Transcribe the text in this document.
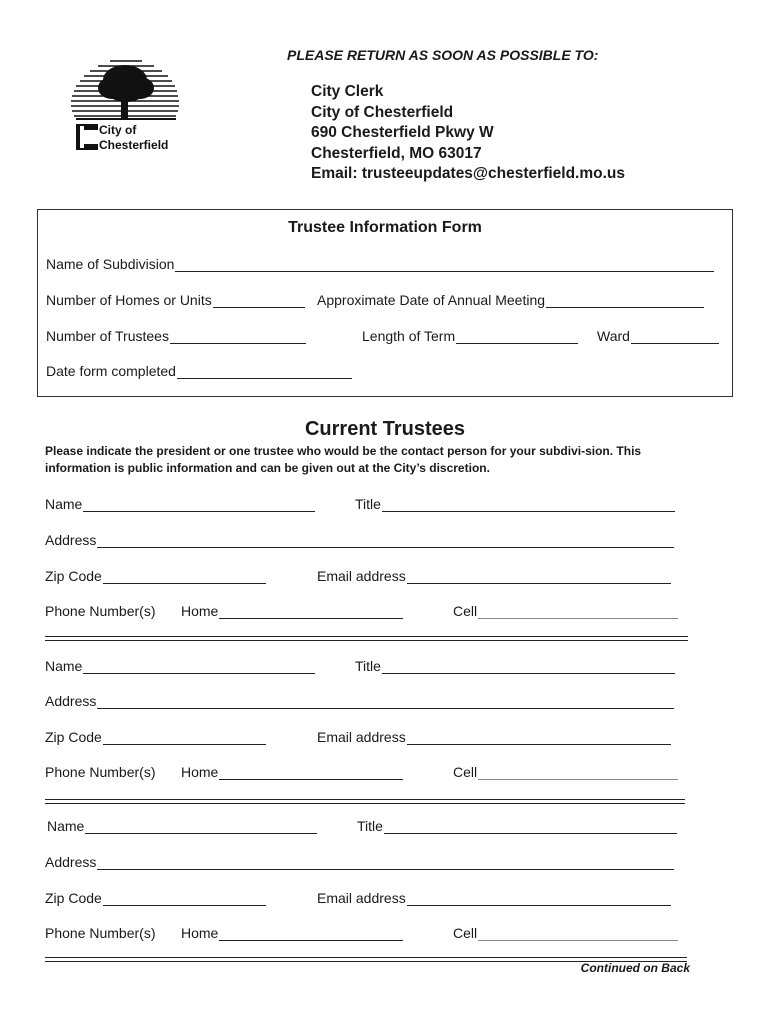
City of
Chesterfield
PLEASE RETURN AS SOON AS POSSIBLE TO:
City Clerk
City of Chesterfield
690 Chesterfield Pkwy W
Chesterfield, MO 63017
Email: trusteeupdates@chesterfield.mo.us
Trustee Information Form
Name of Subdivision
Number of Homes or Units	Approximate Date of Annual Meeting
Number of Trustees	Length of Term	Ward
Date form completed
Current Trustees
Please indicate the president or one trustee who would be the contact person for your subdivi-sion. This information is public information and can be given out at the City’s discretion.
Name	Title
Address
Zip Code	Email address
Phone Number(s) Home	Cell
Name	Title
Address
Zip Code	Email address
Phone Number(s) Home	Cell
Name	Title
Address
Zip Code	Email address
Phone Number(s) Home	Cell
Continued on Back
